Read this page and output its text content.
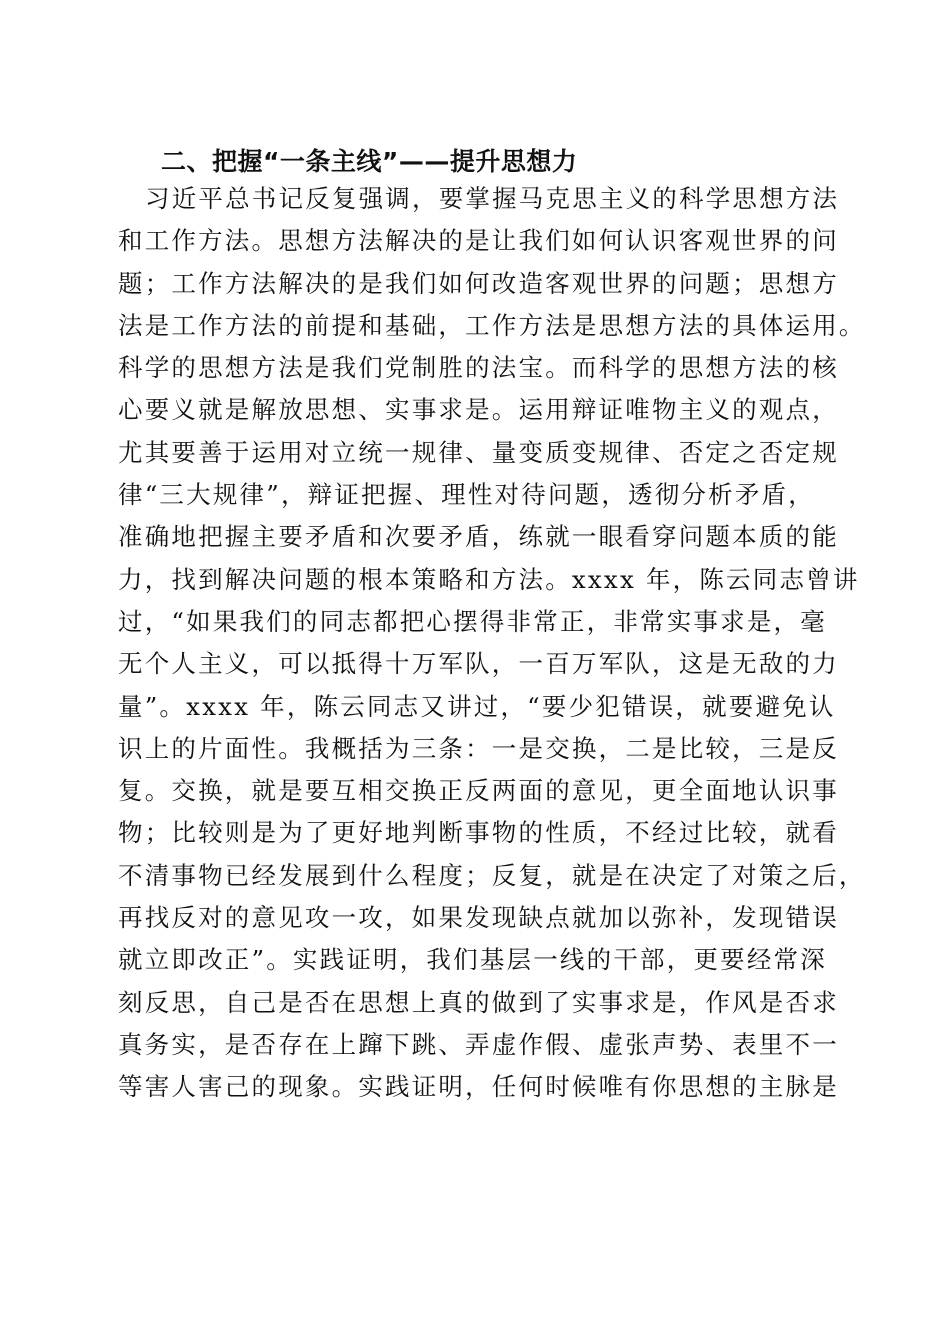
二、把握“一条主线”——提升思想力
习近平总书记反复强调，要掌握马克思主义的科学思想方法
和工作方法。思想方法解决的是让我们如何认识客观世界的问
题；工作方法解决的是我们如何改造客观世界的问题；思想方
法是工作方法的前提和基础，工作方法是思想方法的具体运用。
科学的思想方法是我们党制胜的法宝。而科学的思想方法的核
心要义就是解放思想、实事求是。运用辩证唯物主义的观点，
尤其要善于运用对立统一规律、量变质变规律、否定之否定规
律“三大规律”，辩证把握、理性对待问题，透彻分析矛盾，
准确地把握主要矛盾和次要矛盾，练就一眼看穿问题本质的能
力，找到解决问题的根本策略和方法。xxxx 年，陈云同志曾讲
过，“如果我们的同志都把心摆得非常正，非常实事求是，毫
无个人主义，可以抵得十万军队，一百万军队，这是无敌的力
量”。xxxx 年，陈云同志又讲过，“要少犯错误，就要避免认
识上的片面性。我概括为三条：一是交换，二是比较，三是反
复。交换，就是要互相交换正反两面的意见，更全面地认识事
物；比较则是为了更好地判断事物的性质，不经过比较，就看
不清事物已经发展到什么程度；反复，就是在决定了对策之后，
再找反对的意见攻一攻，如果发现缺点就加以弥补，发现错误
就立即改正”。实践证明，我们基层一线的干部，更要经常深
刻反思，自己是否在思想上真的做到了实事求是，作风是否求
真务实，是否存在上蹿下跳、弄虚作假、虚张声势、表里不一
等害人害己的现象。实践证明，任何时候唯有你思想的主脉是
